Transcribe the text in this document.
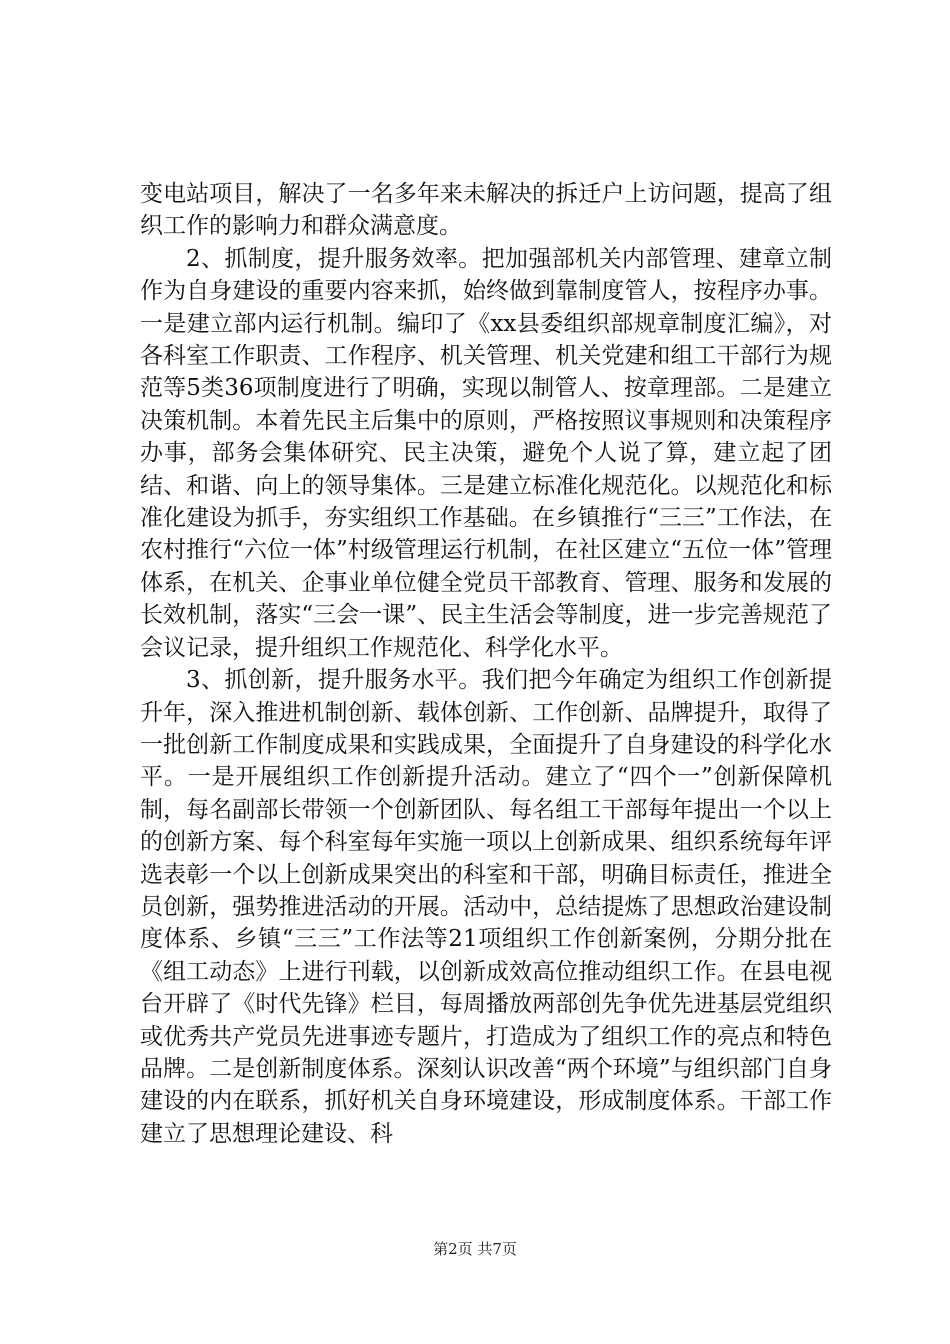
变电站项目，解决了一名多年来未解决的拆迁户上访问题，提高了组织工作的影响力和群众满意度。

2、抓制度，提升服务效率。把加强部机关内部管理、建章立制作为自身建设的重要内容来抓，始终做到靠制度管人，按程序办事。一是建立部内运行机制。编印了《xx县委组织部规章制度汇编》，对各科室工作职责、工作程序、机关管理、机关党建和组工干部行为规范等5类36项制度进行了明确，实现以制管人、按章理部。二是建立决策机制。本着先民主后集中的原则，严格按照议事规则和决策程序办事，部务会集体研究、民主决策，避免个人说了算，建立起了团结、和谐、向上的领导集体。三是建立标准化规范化。以规范化和标准化建设为抓手，夯实组织工作基础。在乡镇推行“三三”工作法，在农村推行“六位一体”村级管理运行机制，在社区建立“五位一体”管理体系，在机关、企事业单位健全党员干部教育、管理、服务和发展的长效机制，落实“三会一课”、民主生活会等制度，进一步完善规范了会议记录，提升组织工作规范化、科学化水平。

3、抓创新，提升服务水平。我们把今年确定为组织工作创新提升年，深入推进机制创新、载体创新、工作创新、品牌提升，取得了一批创新工作制度成果和实践成果，全面提升了自身建设的科学化水平。一是开展组织工作创新提升活动。建立了“四个一”创新保障机制，每名副部长带领一个创新团队、每名组工干部每年提出一个以上的创新方案、每个科室每年实施一项以上创新成果、组织系统每年评选表彰一个以上创新成果突出的科室和干部，明确目标责任，推进全员创新，强势推进活动的开展。活动中，总结提炼了思想政治建设制度体系、乡镇“三三”工作法等21项组织工作创新案例，分期分批在《组工动态》上进行刊载，以创新成效高位推动组织工作。在县电视台开辟了《时代先锋》栏目，每周播放两部创先争优先进基层党组织或优秀共产党员先进事迹专题片，打造成为了组织工作的亮点和特色品牌。二是创新制度体系。深刻认识改善“两个环境”与组织部门自身建设的内在联系，抓好机关自身环境建设，形成制度体系。干部工作建立了思想理论建设、科

第2页 共7页
